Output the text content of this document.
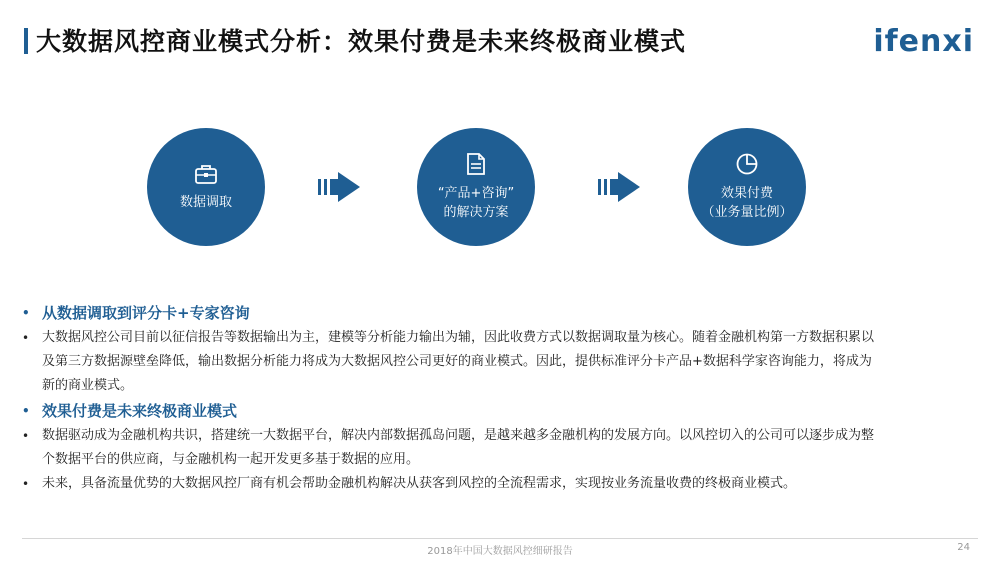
大数据风控商业模式分析：效果付费是未来终极商业模式	ifenxi
数据调取
“产品+咨询”
的解决方案
效果付费
（业务量比例）
• 从数据调取到评分卡+专家咨询
• 大数据风控公司目前以征信报告等数据输出为主，建模等分析能力输出为辅，因此收费方式以数据调取量为核心。随着金融机构第一方数据积累以
及第三方数据源壁垒降低，输出数据分析能力将成为大数据风控公司更好的商业模式。因此，提供标准评分卡产品+数据科学家咨询能力，将成为
新的商业模式。
• 效果付费是未来终极商业模式
• 数据驱动成为金融机构共识，搭建统一大数据平台，解决内部数据孤岛问题，是越来越多金融机构的发展方向。以风控切入的公司可以逐步成为整
个数据平台的供应商，与金融机构一起开发更多基于数据的应用。
• 未来，具备流量优势的大数据风控厂商有机会帮助金融机构解决从获客到风控的全流程需求，实现按业务流量收费的终极商业模式。
2018年中国大数据风控细研报告	24
